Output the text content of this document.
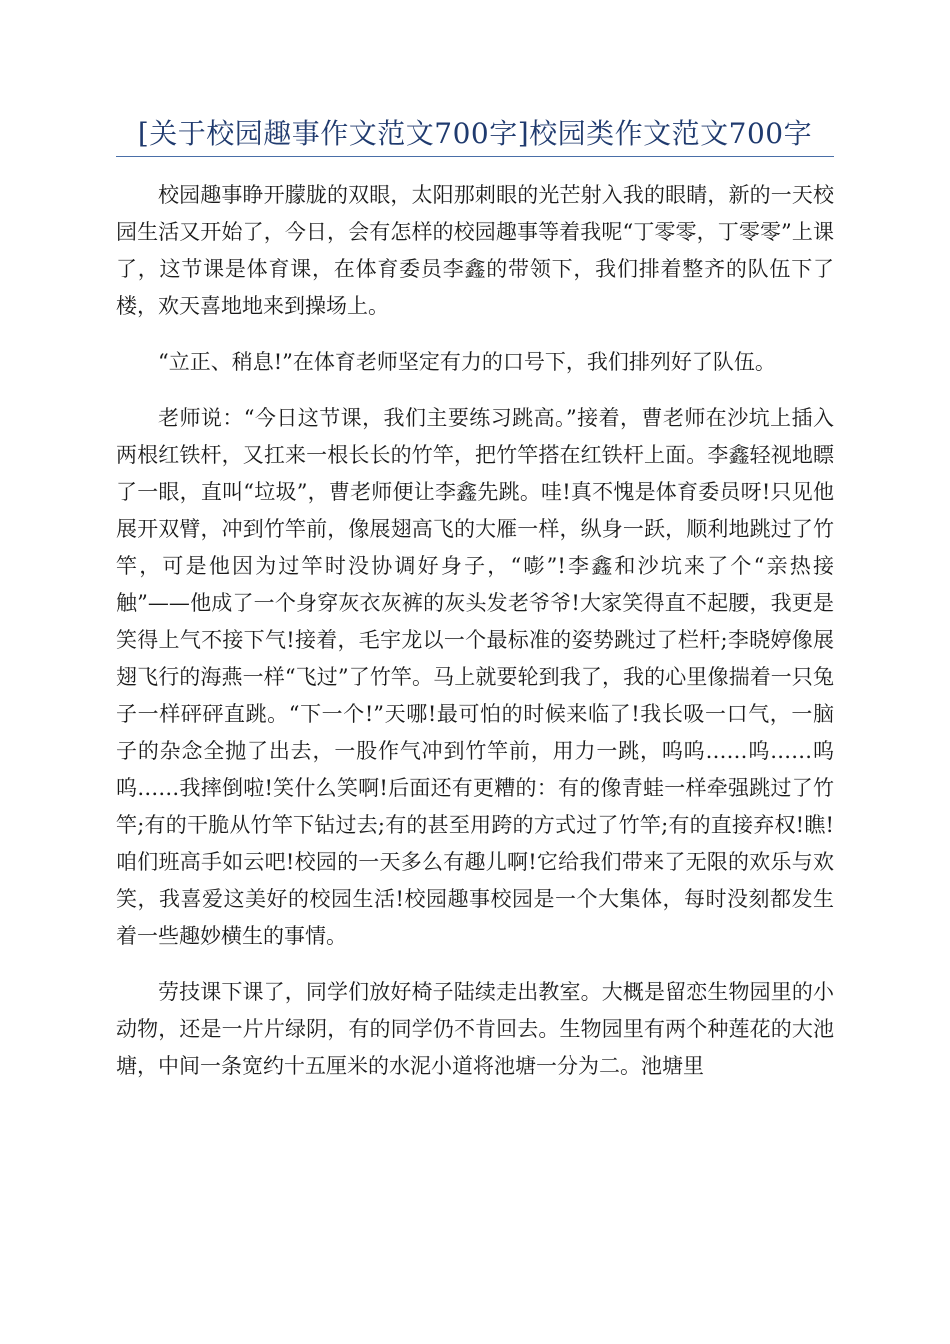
[关于校园趣事作文范文700字]校园类作文范文700字

校园趣事睁开朦胧的双眼，太阳那刺眼的光芒射入我的眼睛，新的一天校园生活又开始了，今日，会有怎样的校园趣事等着我呢“丁零零，丁零零”上课了，这节课是体育课，在体育委员李鑫的带领下，我们排着整齐的队伍下了楼，欢天喜地地来到操场上。

“立正、稍息!”在体育老师坚定有力的口号下，我们排列好了队伍。

老师说：“今日这节课，我们主要练习跳高。”接着，曹老师在沙坑上插入两根红铁杆，又扛来一根长长的竹竿，把竹竿搭在红铁杆上面。李鑫轻视地瞟了一眼，直叫“垃圾”，曹老师便让李鑫先跳。哇!真不愧是体育委员呀!只见他展开双臂，冲到竹竿前，像展翅高飞的大雁一样，纵身一跃，顺利地跳过了竹竿，可是他因为过竿时没协调好身子，“嘭”!李鑫和沙坑来了个“亲热接触”——他成了一个身穿灰衣灰裤的灰头发老爷爷!大家笑得直不起腰，我更是笑得上气不接下气!接着，毛宇龙以一个最标准的姿势跳过了栏杆;李晓婷像展翅飞行的海燕一样“飞过”了竹竿。马上就要轮到我了，我的心里像揣着一只兔子一样砰砰直跳。“下一个!”天哪!最可怕的时候来临了!我长吸一口气，一脑子的杂念全抛了出去，一股作气冲到竹竿前，用力一跳，呜呜……呜……呜呜……我摔倒啦!笑什么笑啊!后面还有更糟的：有的像青蛙一样牵强跳过了竹竿;有的干脆从竹竿下钻过去;有的甚至用跨的方式过了竹竿;有的直接弃权!瞧!咱们班高手如云吧!校园的一天多么有趣儿啊!它给我们带来了无限的欢乐与欢笑，我喜爱这美好的校园生活!校园趣事校园是一个大集体，每时没刻都发生着一些趣妙横生的事情。

劳技课下课了，同学们放好椅子陆续走出教室。大概是留恋生物园里的小动物，还是一片片绿阴，有的同学仍不肯回去。生物园里有两个种莲花的大池塘，中间一条宽约十五厘米的水泥小道将池塘一分为二。池塘里
